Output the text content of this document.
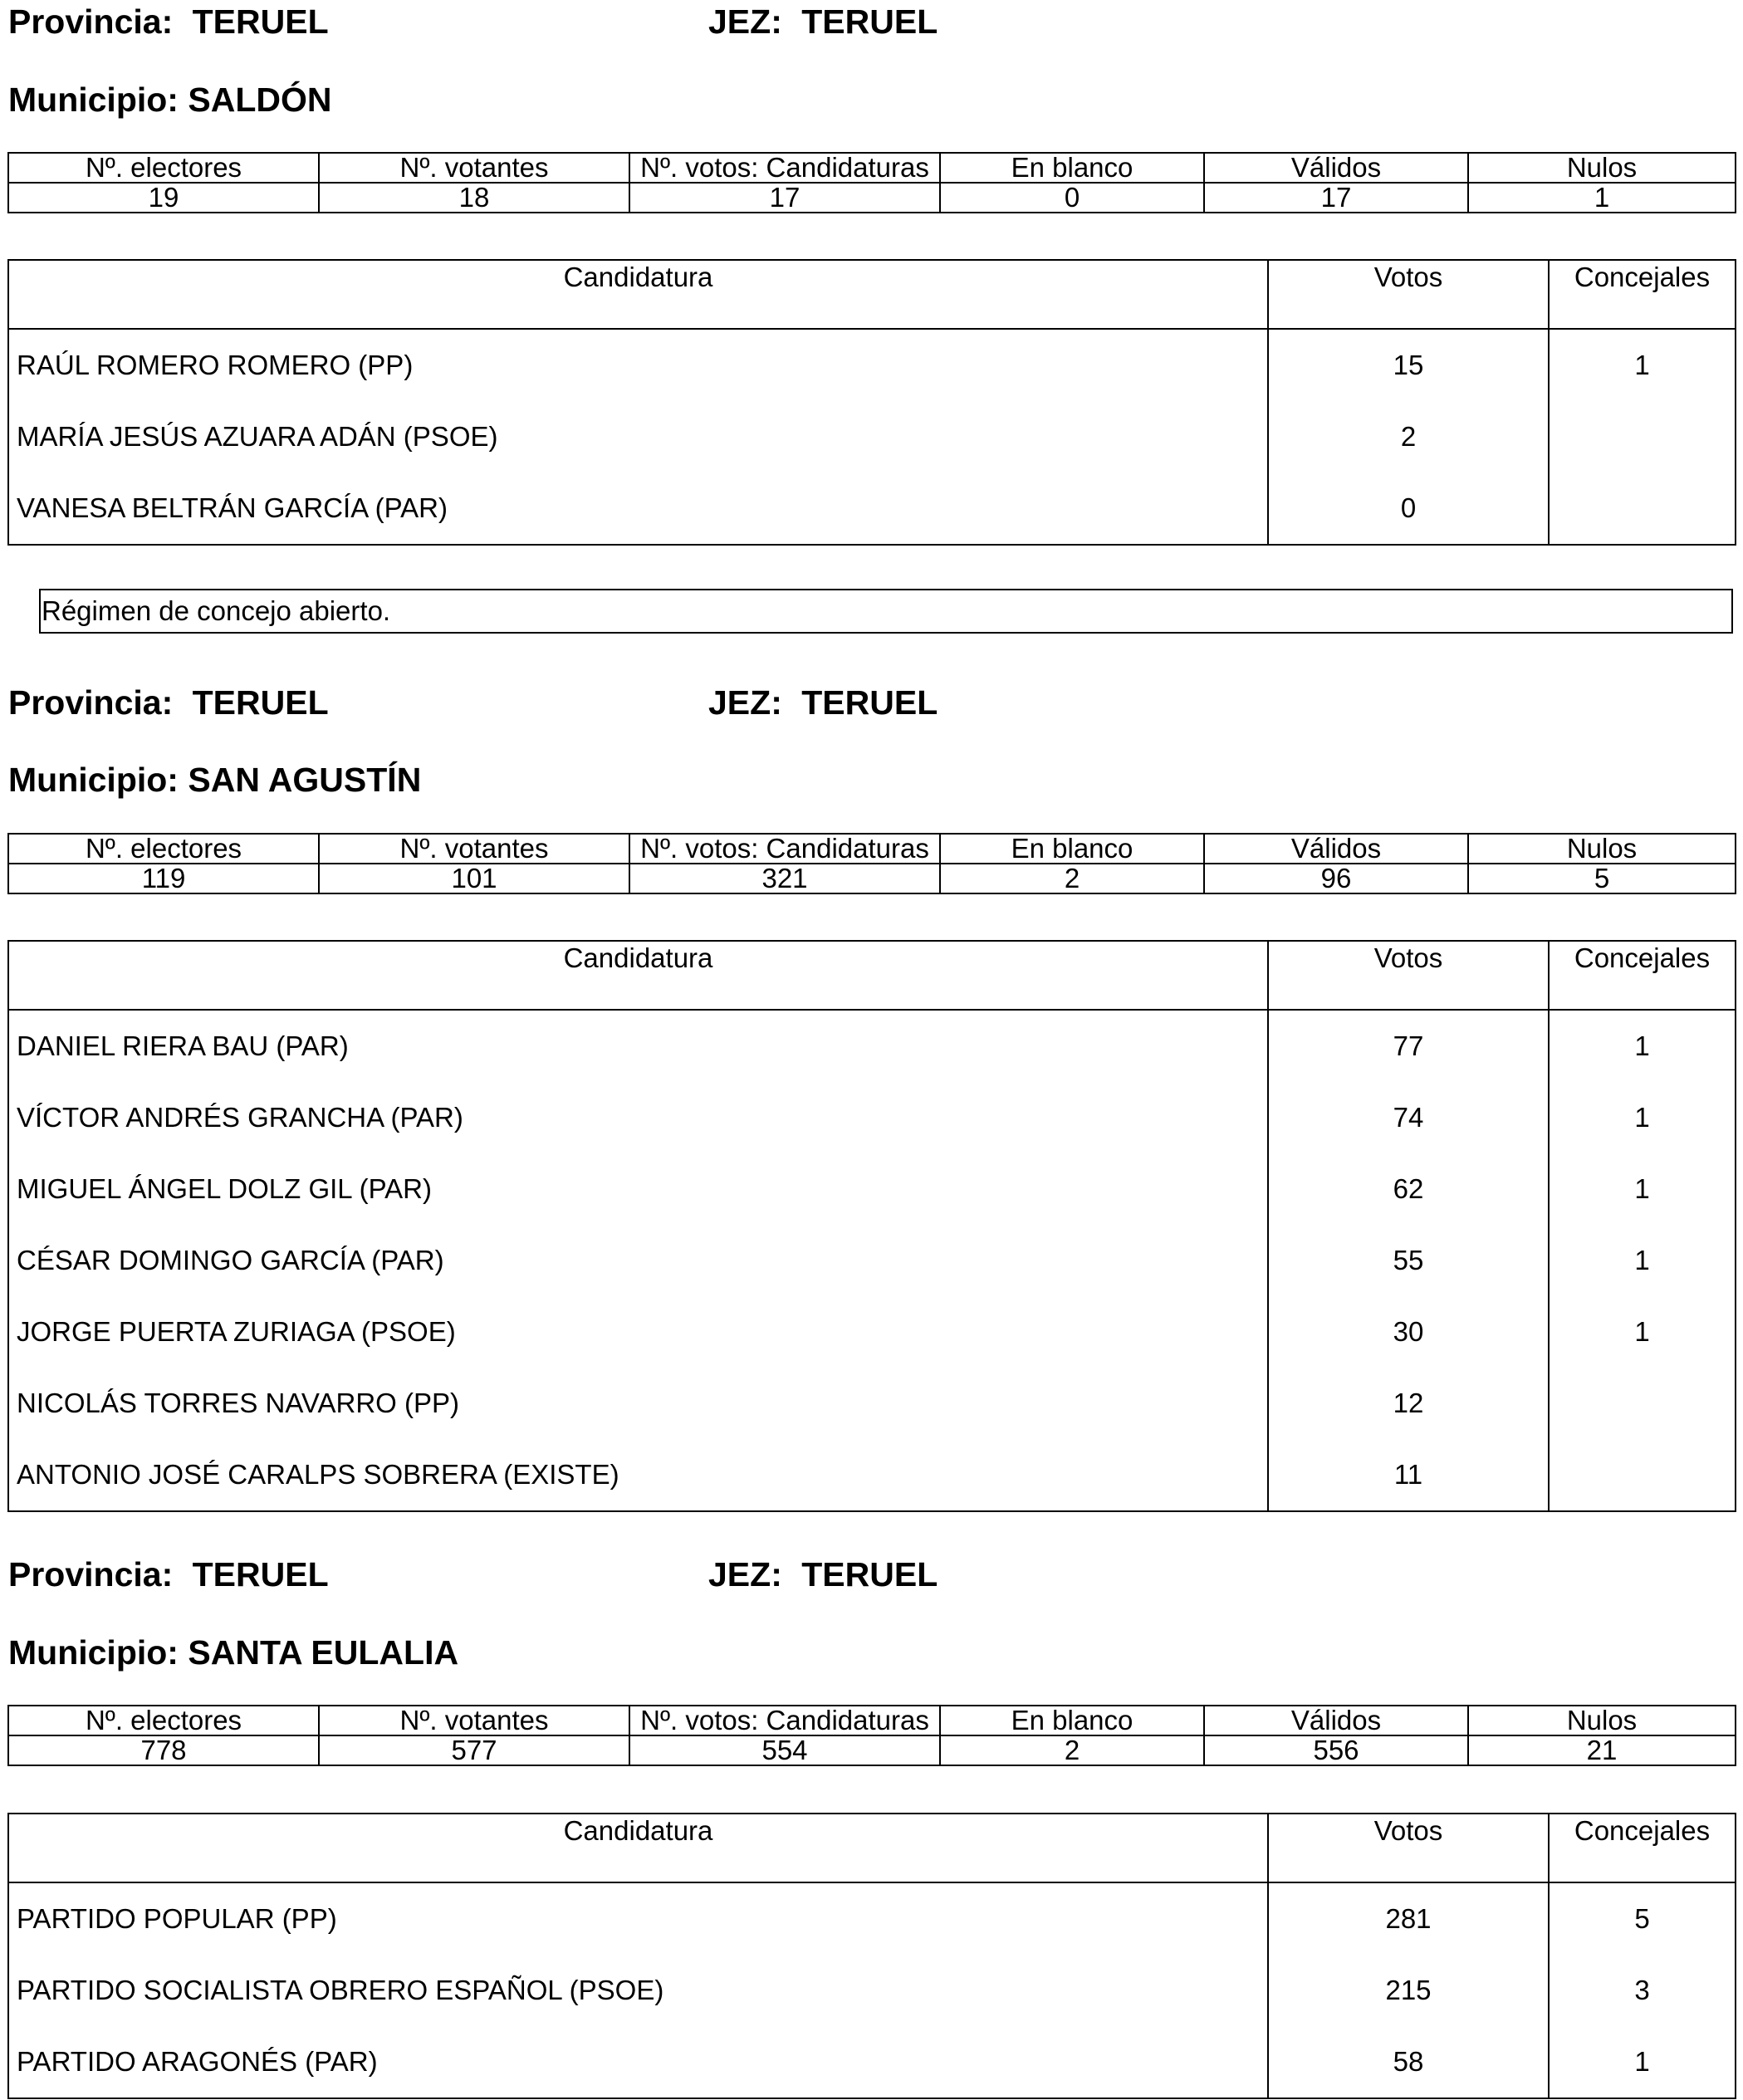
Provincia: TERUEL	JEZ: TERUEL
Municipio: SALDÓN
Nº. electores	Nº. votantes	Nº. votos: Candidaturas	En blanco	Válidos	Nulos
19	18	17	0	17	1
Candidatura	Votos	Concejales
RAÚL ROMERO ROMERO (PP)	15	1
MARÍA JESÚS AZUARA ADÁN (PSOE)	2	
VANESA BELTRÁN GARCÍA (PAR)	0	
Régimen de concejo abierto.
Provincia: TERUEL	JEZ: TERUEL
Municipio: SAN AGUSTÍN
Nº. electores	Nº. votantes	Nº. votos: Candidaturas	En blanco	Válidos	Nulos
119	101	321	2	96	5
Candidatura	Votos	Concejales
DANIEL RIERA BAU (PAR)	77	1
VÍCTOR ANDRÉS GRANCHA (PAR)	74	1
MIGUEL ÁNGEL DOLZ GIL (PAR)	62	1
CÉSAR DOMINGO GARCÍA (PAR)	55	1
JORGE PUERTA ZURIAGA (PSOE)	30	1
NICOLÁS TORRES NAVARRO (PP)	12	
ANTONIO JOSÉ CARALPS SOBRERA (EXISTE)	11	
Provincia: TERUEL	JEZ: TERUEL
Municipio: SANTA EULALIA
Nº. electores	Nº. votantes	Nº. votos: Candidaturas	En blanco	Válidos	Nulos
778	577	554	2	556	21
Candidatura	Votos	Concejales
PARTIDO POPULAR (PP)	281	5
PARTIDO SOCIALISTA OBRERO ESPAÑOL (PSOE)	215	3
PARTIDO ARAGONÉS (PAR)	58	1
